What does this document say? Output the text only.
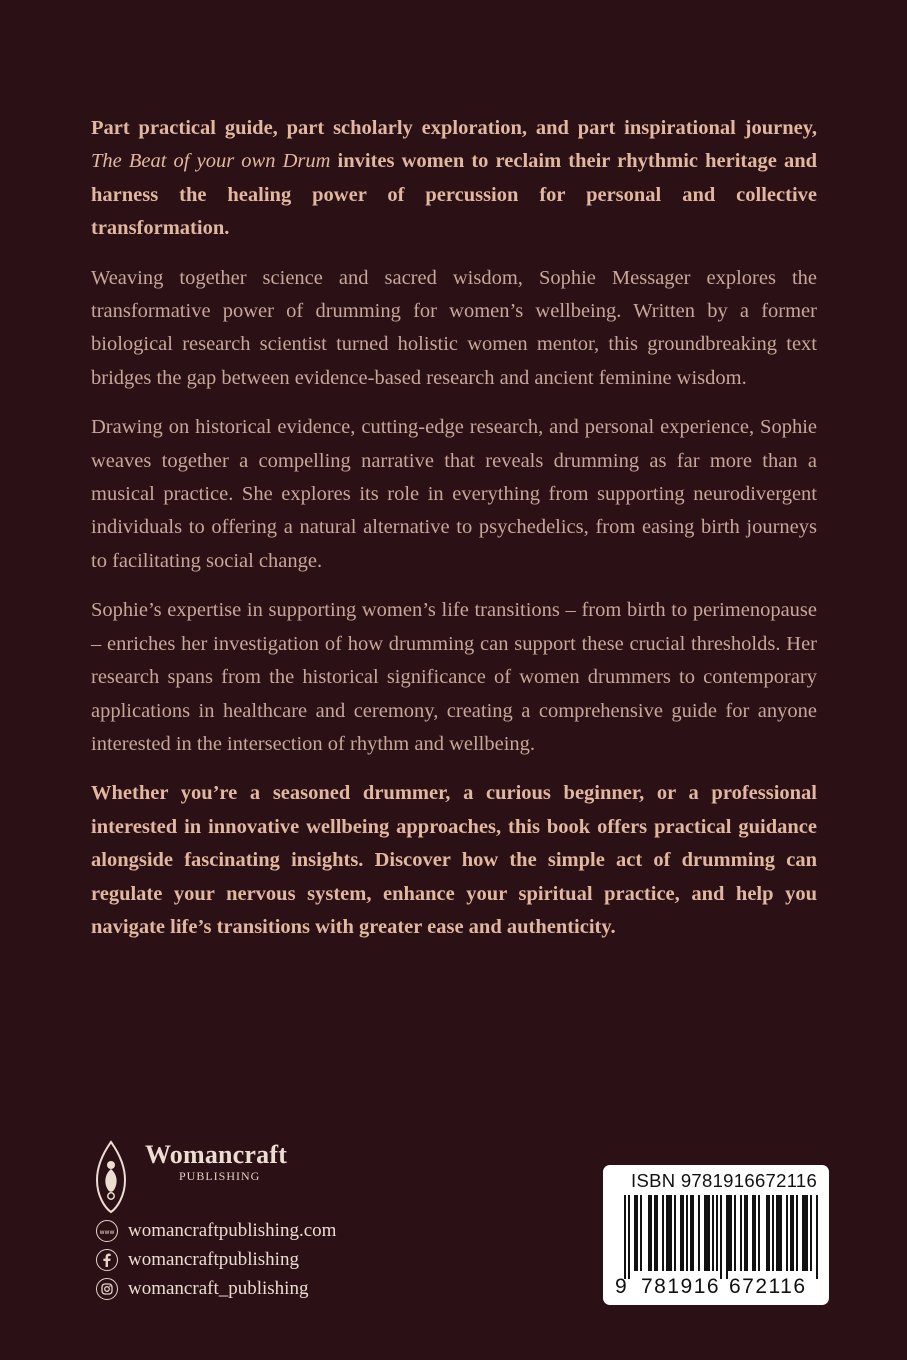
Part practical guide, part scholarly exploration, and part inspirational journey, The Beat of your own Drum invites women to reclaim their rhythmic heritage and harness the healing power of percussion for personal and collective transformation.

Weaving together science and sacred wisdom, Sophie Messager explores the transformative power of drumming for women’s wellbeing. Written by a former biological research scientist turned holistic women mentor, this groundbreaking text bridges the gap between evidence-based research and ancient feminine wisdom.

Drawing on historical evidence, cutting-edge research, and personal experience, Sophie weaves together a compelling narrative that reveals drumming as far more than a musical practice. She explores its role in everything from supporting neurodivergent individuals to offering a natural alternative to psychedelics, from easing birth journeys to facilitating social change.

Sophie’s expertise in supporting women’s life transitions – from birth to perimenopause – enriches her investigation of how drumming can support these crucial thresholds. Her research spans from the historical significance of women drummers to contemporary applications in healthcare and ceremony, creating a comprehensive guide for anyone interested in the intersection of rhythm and wellbeing.

Whether you’re a seasoned drummer, a curious beginner, or a professional interested in innovative wellbeing approaches, this book offers practical guidance alongside fascinating insights. Discover how the simple act of drumming can regulate your nervous system, enhance your spiritual practice, and help you navigate life’s transitions with greater ease and authenticity.

Womancraft
PUBLISHING
www womancraftpublishing.com
womancraftpublishing
womancraft_publishing
ISBN 9781916672116
9 781916 672116
